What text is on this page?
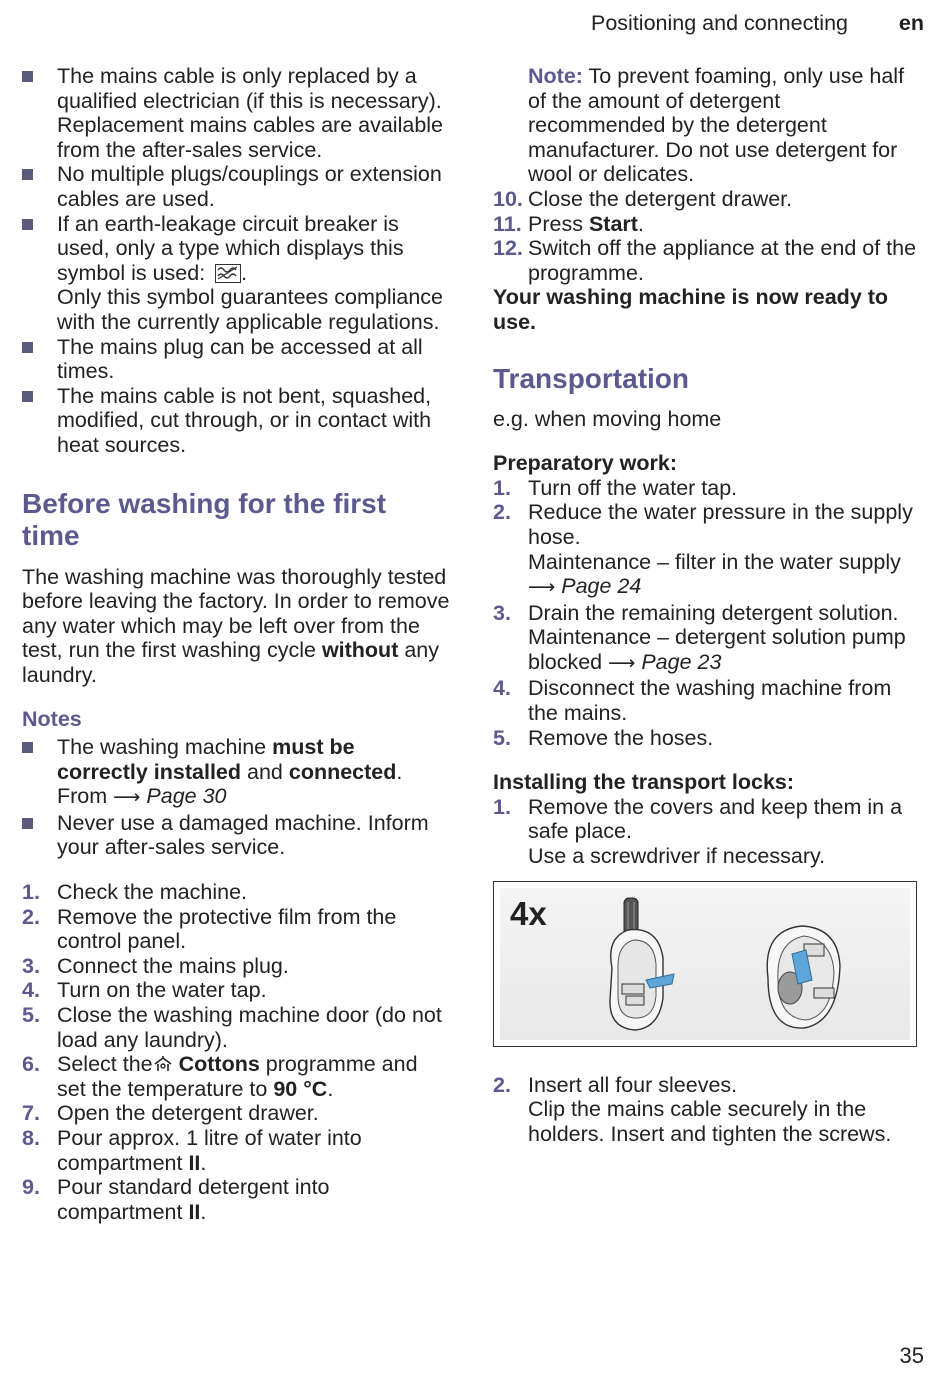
Positioning and connecting en
The mains cable is only replaced by a qualified electrician (if this is necessary). Replacement mains cables are available from the after-sales service.
No multiple plugs/couplings or extension cables are used.
If an earth-leakage circuit breaker is used, only a type which displays this symbol is used:
.
Only this symbol guarantees compliance with the currently applicable regulations.
The mains plug can be accessed at all times.
The mains cable is not bent, squashed, modified, cut through, or in contact with heat sources.
Before washing for the first time

The washing machine was thoroughly tested before leaving the factory. In order to remove any water which may be left over from the test, run the first washing cycle without any laundry.

Notes
The washing machine must be correctly installed and connected.
From ⟶ Page 30
Never use a damaged machine. Inform your after-sales service.
1. Check the machine.
2. Remove the protective film from the control panel.
3. Connect the mains plug.
4. Turn on the water tap.
5. Close the washing machine door (do not load any laundry).
6. Select the Cottons programme and set the temperature to 90 °C.
7. Open the detergent drawer.
8. Pour approx. 1 litre of water into compartment II.
9. Pour standard detergent into compartment II.

Note: To prevent foaming, only use half of the amount of detergent recommended by the detergent manufacturer. Do not use detergent for wool or delicates.

10. Close the detergent drawer.
11. Press Start.
12. Switch off the appliance at the end of the programme.

Your washing machine is now ready to use.

Transportation

e.g. when moving home

Preparatory work:

1. Turn off the water tap.
2. Reduce the water pressure in the supply hose.
Maintenance – filter in the water supply ⟶ Page 24
3. Drain the remaining detergent solution.
Maintenance – detergent solution pump blocked ⟶ Page 23
4. Disconnect the washing machine from the mains.
5. Remove the hoses.

Installing the transport locks:

1. Remove the covers and keep them in a safe place.
Use a screwdriver if necessary.
4x
2. Insert all four sleeves.
Clip the mains cable securely in the holders. Insert and tighten the screws.
35
